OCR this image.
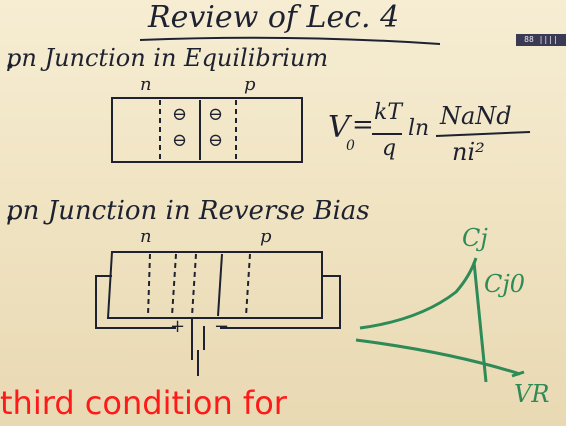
88 ||||
Review of Lec. 4
pn Junction in Equilibrium
n	p
⊖ ⊖
⊖ ⊖	V
0
= kT
q
ln NaNd
ni²
pn Junction in Reverse Bias
n	p
+ −
Cj
Cj0
VR
third condition for
